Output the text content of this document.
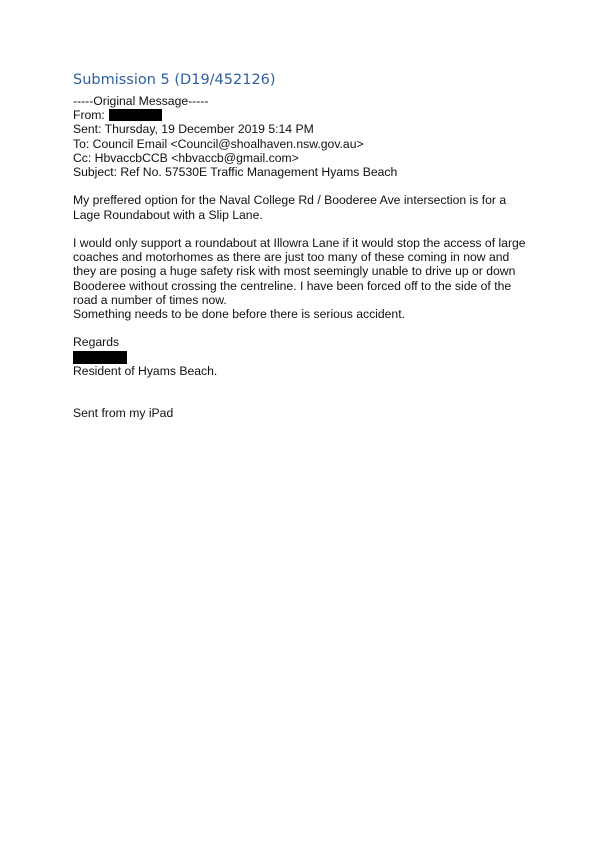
Submission 5 (D19/452126)
-----Original Message-----
From:
Sent: Thursday, 19 December 2019 5:14 PM
To: Council Email <Council@shoalhaven.nsw.gov.au>
Cc: HbvaccbCCB <hbvaccb@gmail.com>
Subject: Ref No. 57530E Traffic Management Hyams Beach
My preffered option for the Naval College Rd / Booderee Ave intersection is for a
Lage Roundabout with a Slip Lane.
I would only support a roundabout at Illowra Lane if it would stop the access of large
coaches and motorhomes as there are just too many of these coming in now and
they are posing a huge safety risk with most seemingly unable to drive up or down
Booderee without crossing the centreline. I have been forced off to the side of the
road a number of times now.
Something needs to be done before there is serious accident.
Regards
Resident of Hyams Beach.
Sent from my iPad
